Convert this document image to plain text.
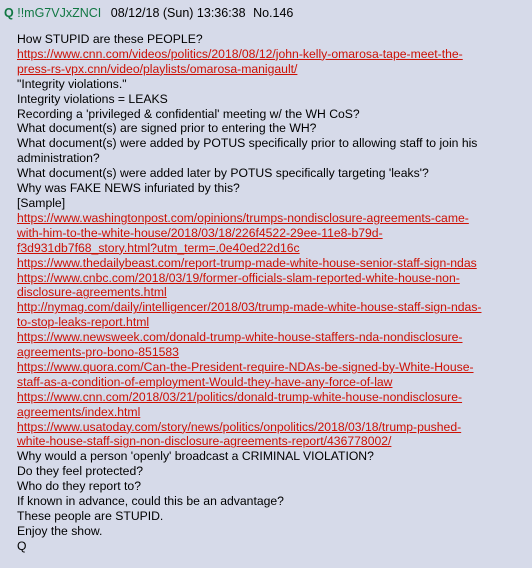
Q !!mG7VJxZNCI 08/12/18 (Sun) 13:36:38 No.146
How STUPID are these PEOPLE?
https://www.cnn.com/videos/politics/2018/08/12/john-kelly-omarosa-tape-meet-the-
press-rs-vpx.cnn/video/playlists/omarosa-manigault/
"Integrity violations."
Integrity violations = LEAKS
Recording a 'privileged & confidential' meeting w/ the WH CoS?
What document(s) are signed prior to entering the WH?
What document(s) were added by POTUS specifically prior to allowing staff to join his
administration?
What document(s) were added later by POTUS specifically targeting 'leaks'?
Why was FAKE NEWS infuriated by this?
[Sample]
https://www.washingtonpost.com/opinions/trumps-nondisclosure-agreements-came-
with-him-to-the-white-house/2018/03/18/226f4522-29ee-11e8-b79d-
f3d931db7f68_story.html?utm_term=.0e40ed22d16c
https://www.thedailybeast.com/report-trump-made-white-house-senior-staff-sign-ndas
https://www.cnbc.com/2018/03/19/former-officials-slam-reported-white-house-non-
disclosure-agreements.html
http://nymag.com/daily/intelligencer/2018/03/trump-made-white-house-staff-sign-ndas-
to-stop-leaks-report.html
https://www.newsweek.com/donald-trump-white-house-staffers-nda-nondisclosure-
agreements-pro-bono-851583
https://www.quora.com/Can-the-President-require-NDAs-be-signed-by-White-House-
staff-as-a-condition-of-employment-Would-they-have-any-force-of-law
https://www.cnn.com/2018/03/21/politics/donald-trump-white-house-nondisclosure-
agreements/index.html
https://www.usatoday.com/story/news/politics/onpolitics/2018/03/18/trump-pushed-
white-house-staff-sign-non-disclosure-agreements-report/436778002/
Why would a person 'openly' broadcast a CRIMINAL VIOLATION?
Do they feel protected?
Who do they report to?
If known in advance, could this be an advantage?
These people are STUPID.
Enjoy the show.
Q
